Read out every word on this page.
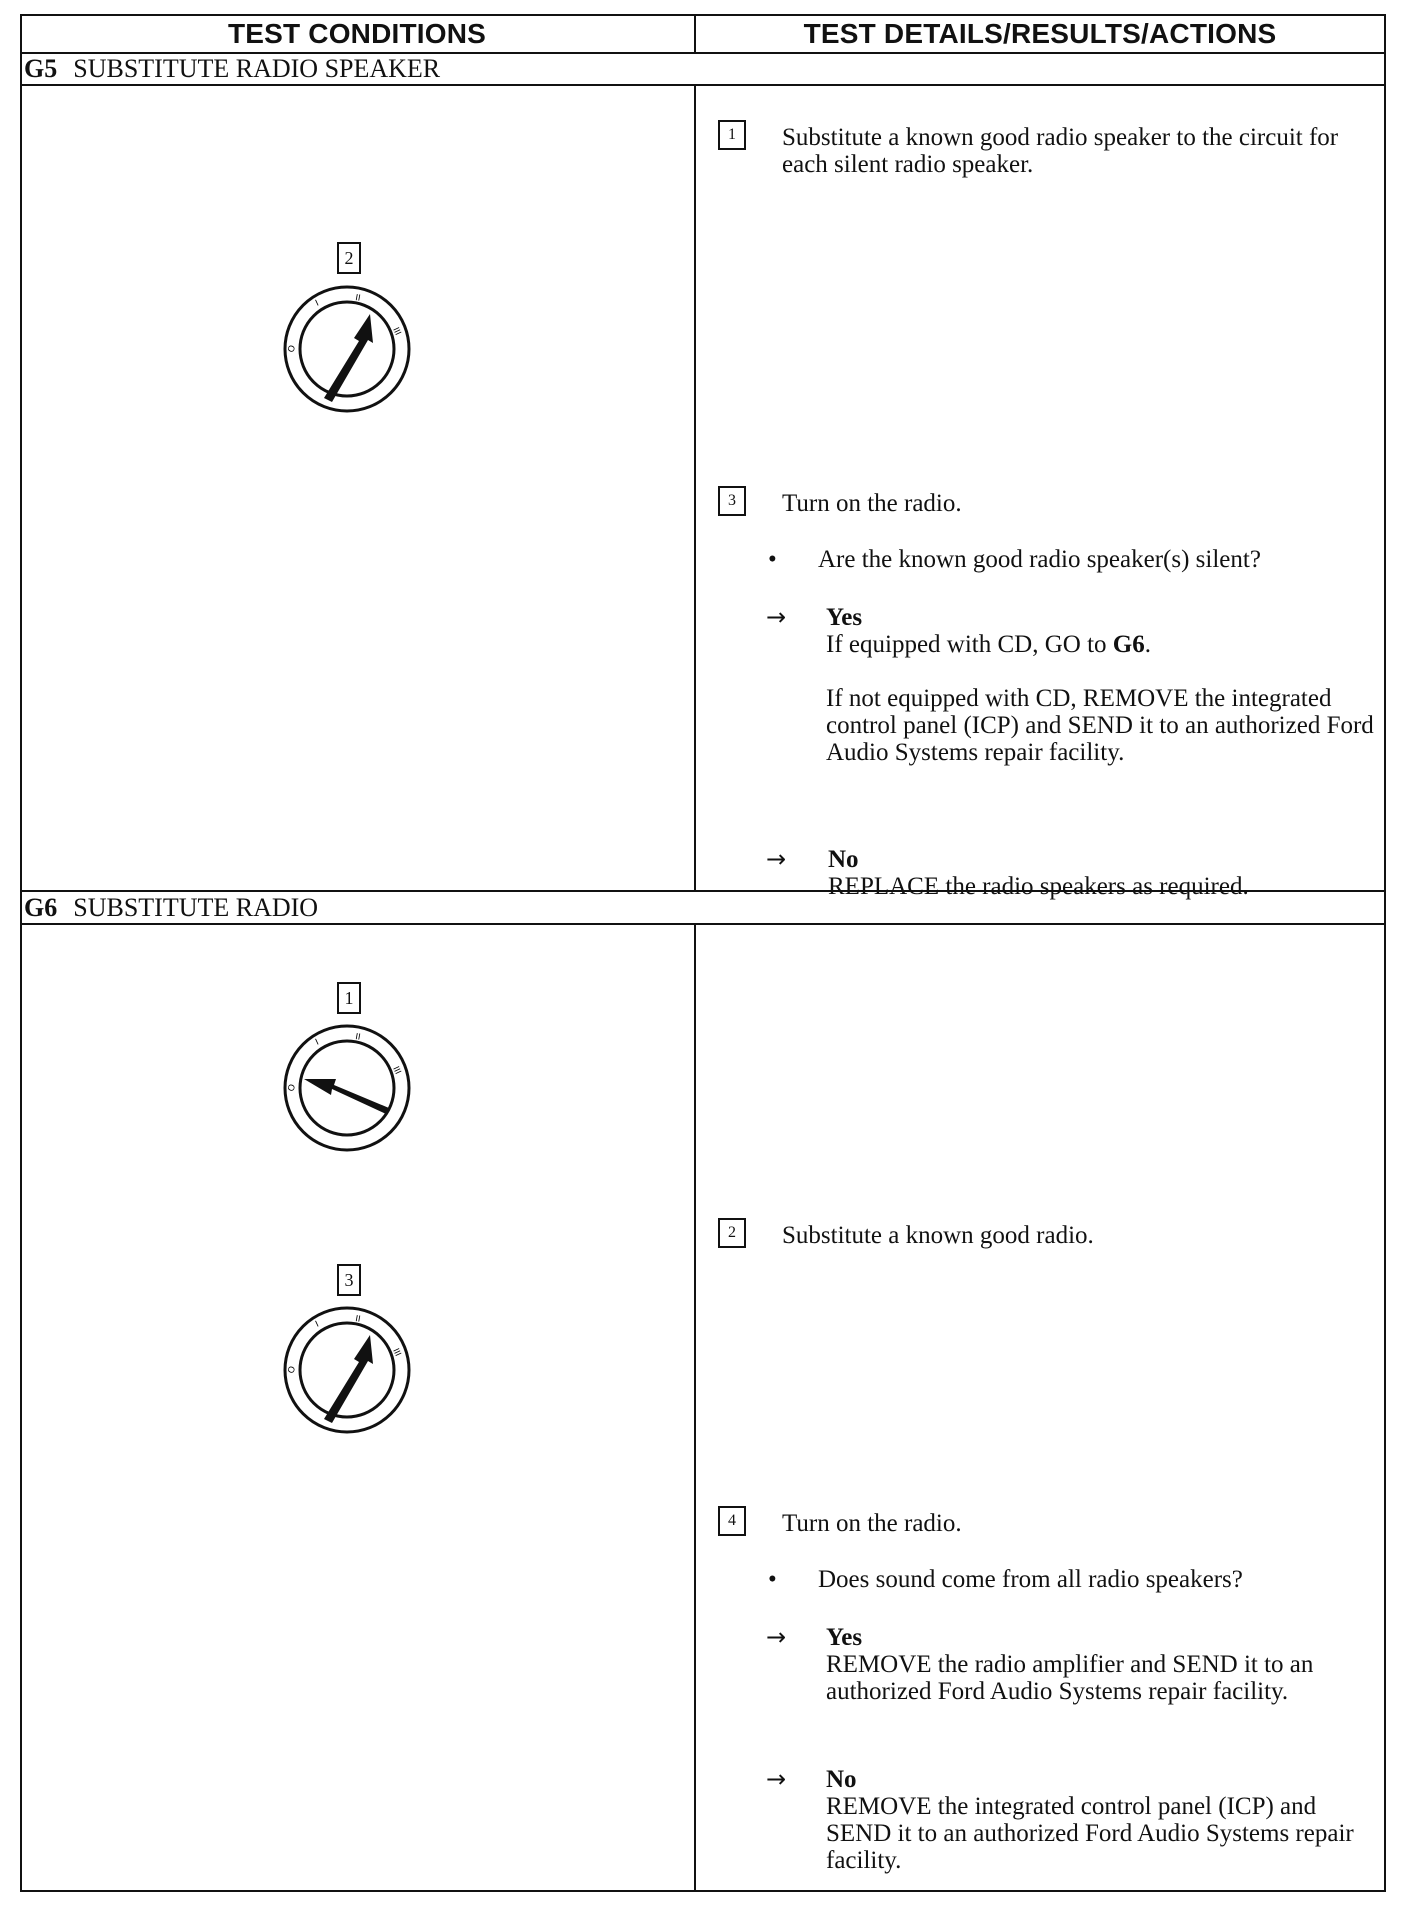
TEST CONDITIONS	TEST DETAILS/RESULTS/ACTIONS
G5 SUBSTITUTE RADIO SPEAKER
2
O
I	II
III
1	Substitute a known good radio speaker to the circuit for each silent radio speaker.
3	Turn on the radio.
• Are the known good radio speaker(s) silent?
→ Yes

If equipped with CD, GO to G6.

If not equipped with CD, REMOVE the integrated control panel (ICP) and SEND it to an authorized Ford Audio Systems repair facility.

→ No
REPLACE the radio speakers as required.
G6 SUBSTITUTE RADIO
1
O
I	II
III
3
O
I	II
III
2	Substitute a known good radio.
4	Turn on the radio.
• Does sound come from all radio speakers?
→ Yes
REMOVE the radio amplifier and SEND it to an authorized Ford Audio Systems repair facility.
→ No
REMOVE the integrated control panel (ICP) and SEND it to an authorized Ford Audio Systems repair facility.
